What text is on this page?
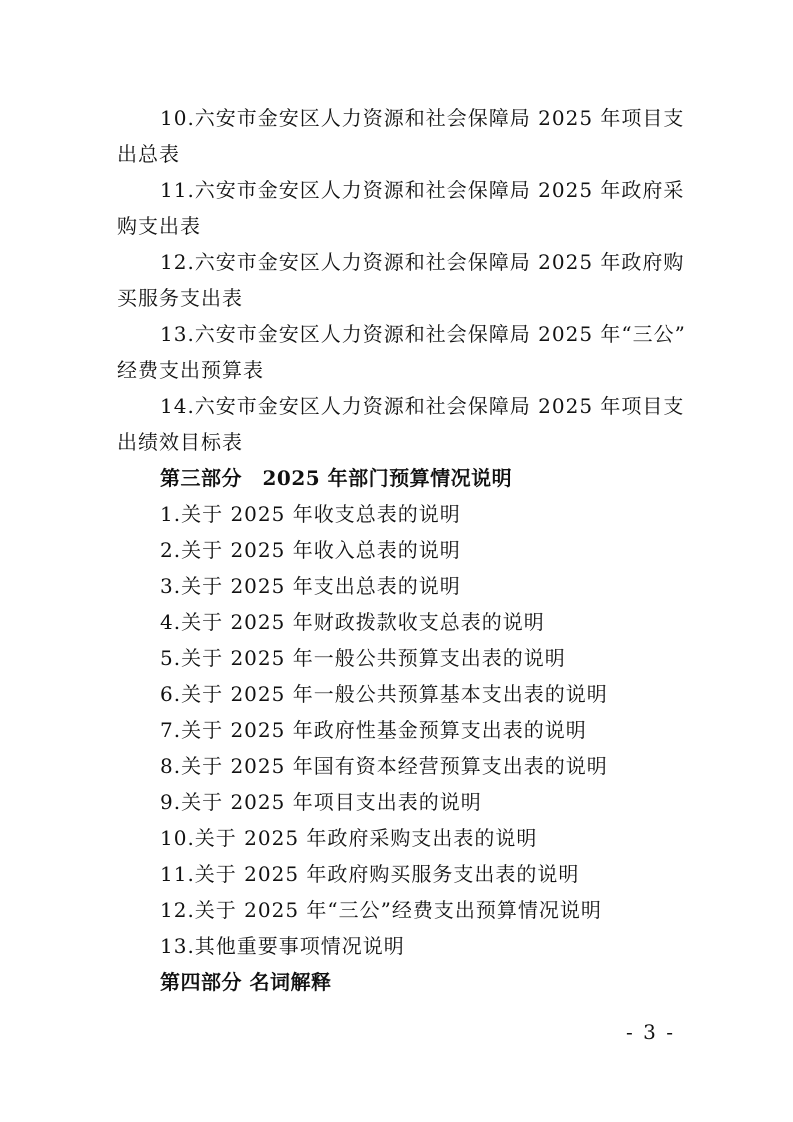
10.六安市金安区人力资源和社会保障局 2025 年项目支
出总表
11.六安市金安区人力资源和社会保障局 2025 年政府采
购支出表
12.六安市金安区人力资源和社会保障局 2025 年政府购
买服务支出表
13.六安市金安区人力资源和社会保障局 2025 年“三公”
经费支出预算表
14.六安市金安区人力资源和社会保障局 2025 年项目支
出绩效目标表
第三部分　2025 年部门预算情况说明
1.关于 2025 年收支总表的说明
2.关于 2025 年收入总表的说明
3.关于 2025 年支出总表的说明
4.关于 2025 年财政拨款收支总表的说明
5.关于 2025 年一般公共预算支出表的说明
6.关于 2025 年一般公共预算基本支出表的说明
7.关于 2025 年政府性基金预算支出表的说明
8.关于 2025 年国有资本经营预算支出表的说明
9.关于 2025 年项目支出表的说明
10.关于 2025 年政府采购支出表的说明
11.关于 2025 年政府购买服务支出表的说明
12.关于 2025 年“三公”经费支出预算情况说明
13.其他重要事项情况说明
第四部分 名词解释
- 3 -
